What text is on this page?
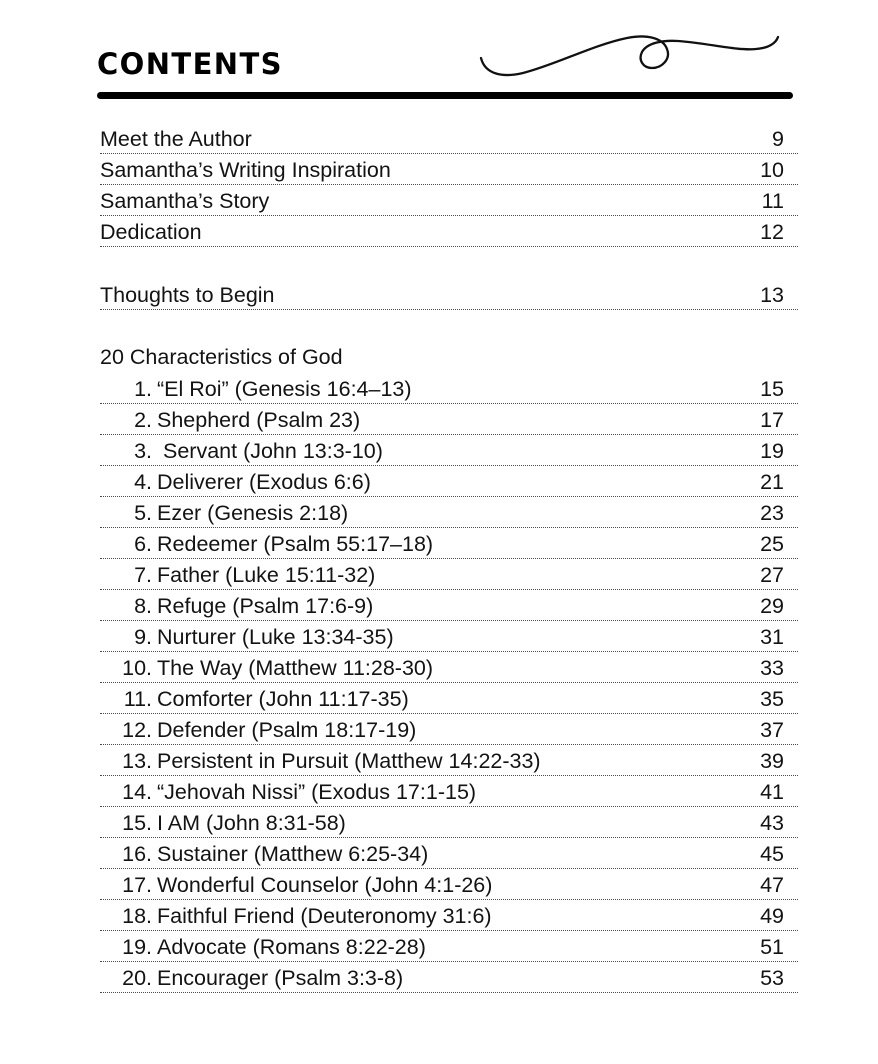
CONTENTS
Meet the Author	9
Samantha’s Writing Inspiration	10
Samantha’s Story	11
Dedication	12
Thoughts to Begin	13
20 Characteristics of God
1. “El Roi” (Genesis 16:4–13)	15
2. Shepherd (Psalm 23)	17
3. Servant (John 13:3-10)	19
4. Deliverer (Exodus 6:6)	21
5. Ezer (Genesis 2:18)	23
6. Redeemer (Psalm 55:17–18)	25
7. Father (Luke 15:11-32)	27
8. Refuge (Psalm 17:6-9)	29
9. Nurturer (Luke 13:34-35)	31
10. The Way (Matthew 11:28-30)	33
11. Comforter (John 11:17-35)	35
12. Defender (Psalm 18:17-19)	37
13. Persistent in Pursuit (Matthew 14:22-33)	39
14. “Jehovah Nissi” (Exodus 17:1-15)	41
15. I AM (John 8:31-58)	43
16. Sustainer (Matthew 6:25-34)	45
17. Wonderful Counselor (John 4:1-26)	47
18. Faithful Friend (Deuteronomy 31:6)	49
19. Advocate (Romans 8:22-28)	51
20. Encourager (Psalm 3:3-8)	53
